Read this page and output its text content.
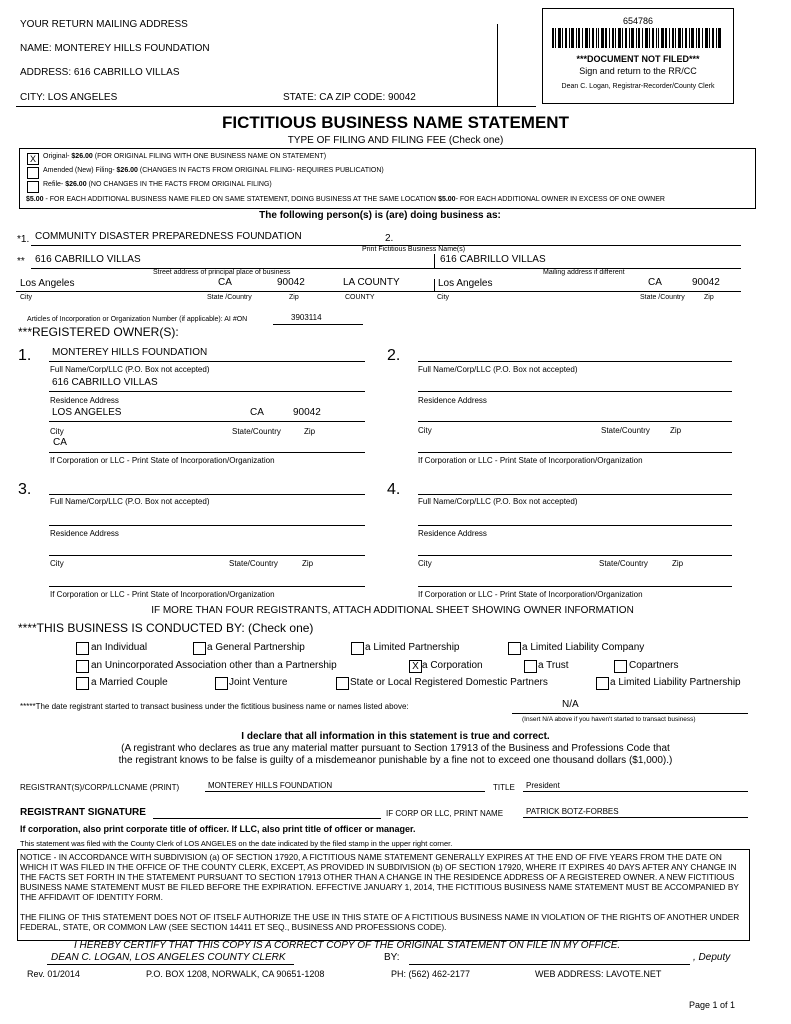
YOUR RETURN MAILING ADDRESS
NAME: MONTEREY HILLS FOUNDATION
ADDRESS: 616 CABRILLO VILLAS
CITY: LOS ANGELES	STATE: CA ZIP CODE: 90042
654786
***DOCUMENT NOT FILED***
Sign and return to the RR/CC
Dean C. Logan, Registrar-Recorder/County Clerk
FICTITIOUS BUSINESS NAME STATEMENT
TYPE OF FILING AND FILING FEE (Check one)
X	Original- $26.00 (FOR ORIGINAL FILING WITH ONE BUSINESS NAME ON STATEMENT)
Amended (New) Filing- $26.00 (CHANGES IN FACTS FROM ORIGINAL FILING- REQUIRES PUBLICATION)
Refile- $26.00 (NO CHANGES IN THE FACTS FROM ORIGINAL FILING)
$5.00 - FOR EACH ADDITIONAL BUSINESS NAME FILED ON SAME STATEMENT, DOING BUSINESS AT THE SAME LOCATION $5.00- FOR EACH ADDITIONAL OWNER IN EXCESS OF ONE OWNER
The following person(s) is (are) doing business as:
*1. COMMUNITY DISASTER PREPAREDNESS FOUNDATION	2.
Print Fictitious Business Name(s)
** 616 CABRILLO VILLAS	616 CABRILLO VILLAS
Street address of principal place of business	Mailing address if different
Los Angeles	CA	90042	LA COUNTY	Los Angeles	CA	90042
City	State /Country	Zip	COUNTY	City	State /Country	Zip
Articles of Incorporation or Organization Number (if applicable): AI #ON	3903114
***REGISTERED OWNER(S):
1. MONTEREY HILLS FOUNDATION
Full Name/Corp/LLC (P.O. Box not accepted)
616 CABRILLO VILLAS
Residence Address
LOS ANGELES	CA	90042
City	State/Country	Zip
CA
If Corporation or LLC - Print State of Incorporation/Organization
2.
Full Name/Corp/LLC (P.O. Box not accepted)
Residence Address
City	State/Country	Zip
If Corporation or LLC - Print State of Incorporation/Organization
3.
Full Name/Corp/LLC (P.O. Box not accepted)
Residence Address
City	State/Country	Zip
If Corporation or LLC - Print State of Incorporation/Organization
4.
Full Name/Corp/LLC (P.O. Box not accepted)
Residence Address
City	State/Country	Zip
If Corporation or LLC - Print State of Incorporation/Organization
IF MORE THAN FOUR REGISTRANTS, ATTACH ADDITIONAL SHEET SHOWING OWNER INFORMATION
****THIS BUSINESS IS CONDUCTED BY: (Check one)
an Individual	a General Partnership	a Limited Partnership	a Limited Liability Company
an Unincorporated Association other than a Partnership	X a Corporation	a Trust	Copartners
a Married Couple	Joint Venture	State or Local Registered Domestic Partners	a Limited Liability Partnership
*****The date registrant started to transact business under the fictitious business name or names listed above:	N/A
(Insert N/A above if you haven't started to transact business)
I declare that all information in this statement is true and correct.
(A registrant who declares as true any material matter pursuant to Section 17913 of the Business and Professions Code that
the registrant knows to be false is guilty of a misdemeanor punishable by a fine not to exceed one thousand dollars ($1,000).)
REGISTRANT(S)/CORP/LLCNAME (PRINT)	MONTEREY HILLS FOUNDATION	TITLE President
REGISTRANT SIGNATURE	IF CORP OR LLC, PRINT NAME	PATRICK BOTZ-FORBES
If corporation, also print corporate title of officer. If LLC, also print title of officer or manager.
This statement was filed with the County Clerk of LOS ANGELES on the date indicated by the filed stamp in the upper right corner.
NOTICE - IN ACCORDANCE WITH SUBDIVISION (a) OF SECTION 17920, A FICTITIOUS NAME STATEMENT GENERALLY EXPIRES AT THE END OF FIVE YEARS FROM THE DATE ON WHICH IT WAS FILED IN THE OFFICE OF THE COUNTY CLERK, EXCEPT, AS PROVIDED IN SUBDIVISION (b) OF SECTION 17920, WHERE IT EXPIRES 40 DAYS AFTER ANY CHANGE IN THE FACTS SET FORTH IN THE STATEMENT PURSUANT TO SECTION 17913 OTHER THAN A CHANGE IN THE RESIDENCE ADDRESS OF A REGISTERED OWNER. A NEW FICTITIOUS BUSINESS NAME STATEMENT MUST BE FILED BEFORE THE EXPIRATION. EFFECTIVE JANUARY 1, 2014, THE FICTITIOUS BUSINESS NAME STATEMENT MUST BE ACCOMPANIED BY THE AFFIDAVIT OF IDENTITY FORM.
THE FILING OF THIS STATEMENT DOES NOT OF ITSELF AUTHORIZE THE USE IN THIS STATE OF A FICTITIOUS BUSINESS NAME IN VIOLATION OF THE RIGHTS OF ANOTHER UNDER FEDERAL, STATE, OR COMMON LAW (SEE SECTION 14411 ET SEQ., BUSINESS AND PROFESSIONS CODE).
I HEREBY CERTIFY THAT THIS COPY IS A CORRECT COPY OF THE ORIGINAL STATEMENT ON FILE IN MY OFFICE.
DEAN C. LOGAN, LOS ANGELES COUNTY CLERK	BY:	, Deputy
Rev. 01/2014	P.O. BOX 1208, NORWALK, CA 90651-1208	PH: (562) 462-2177	WEB ADDRESS: LAVOTE.NET
Page 1 of 1
